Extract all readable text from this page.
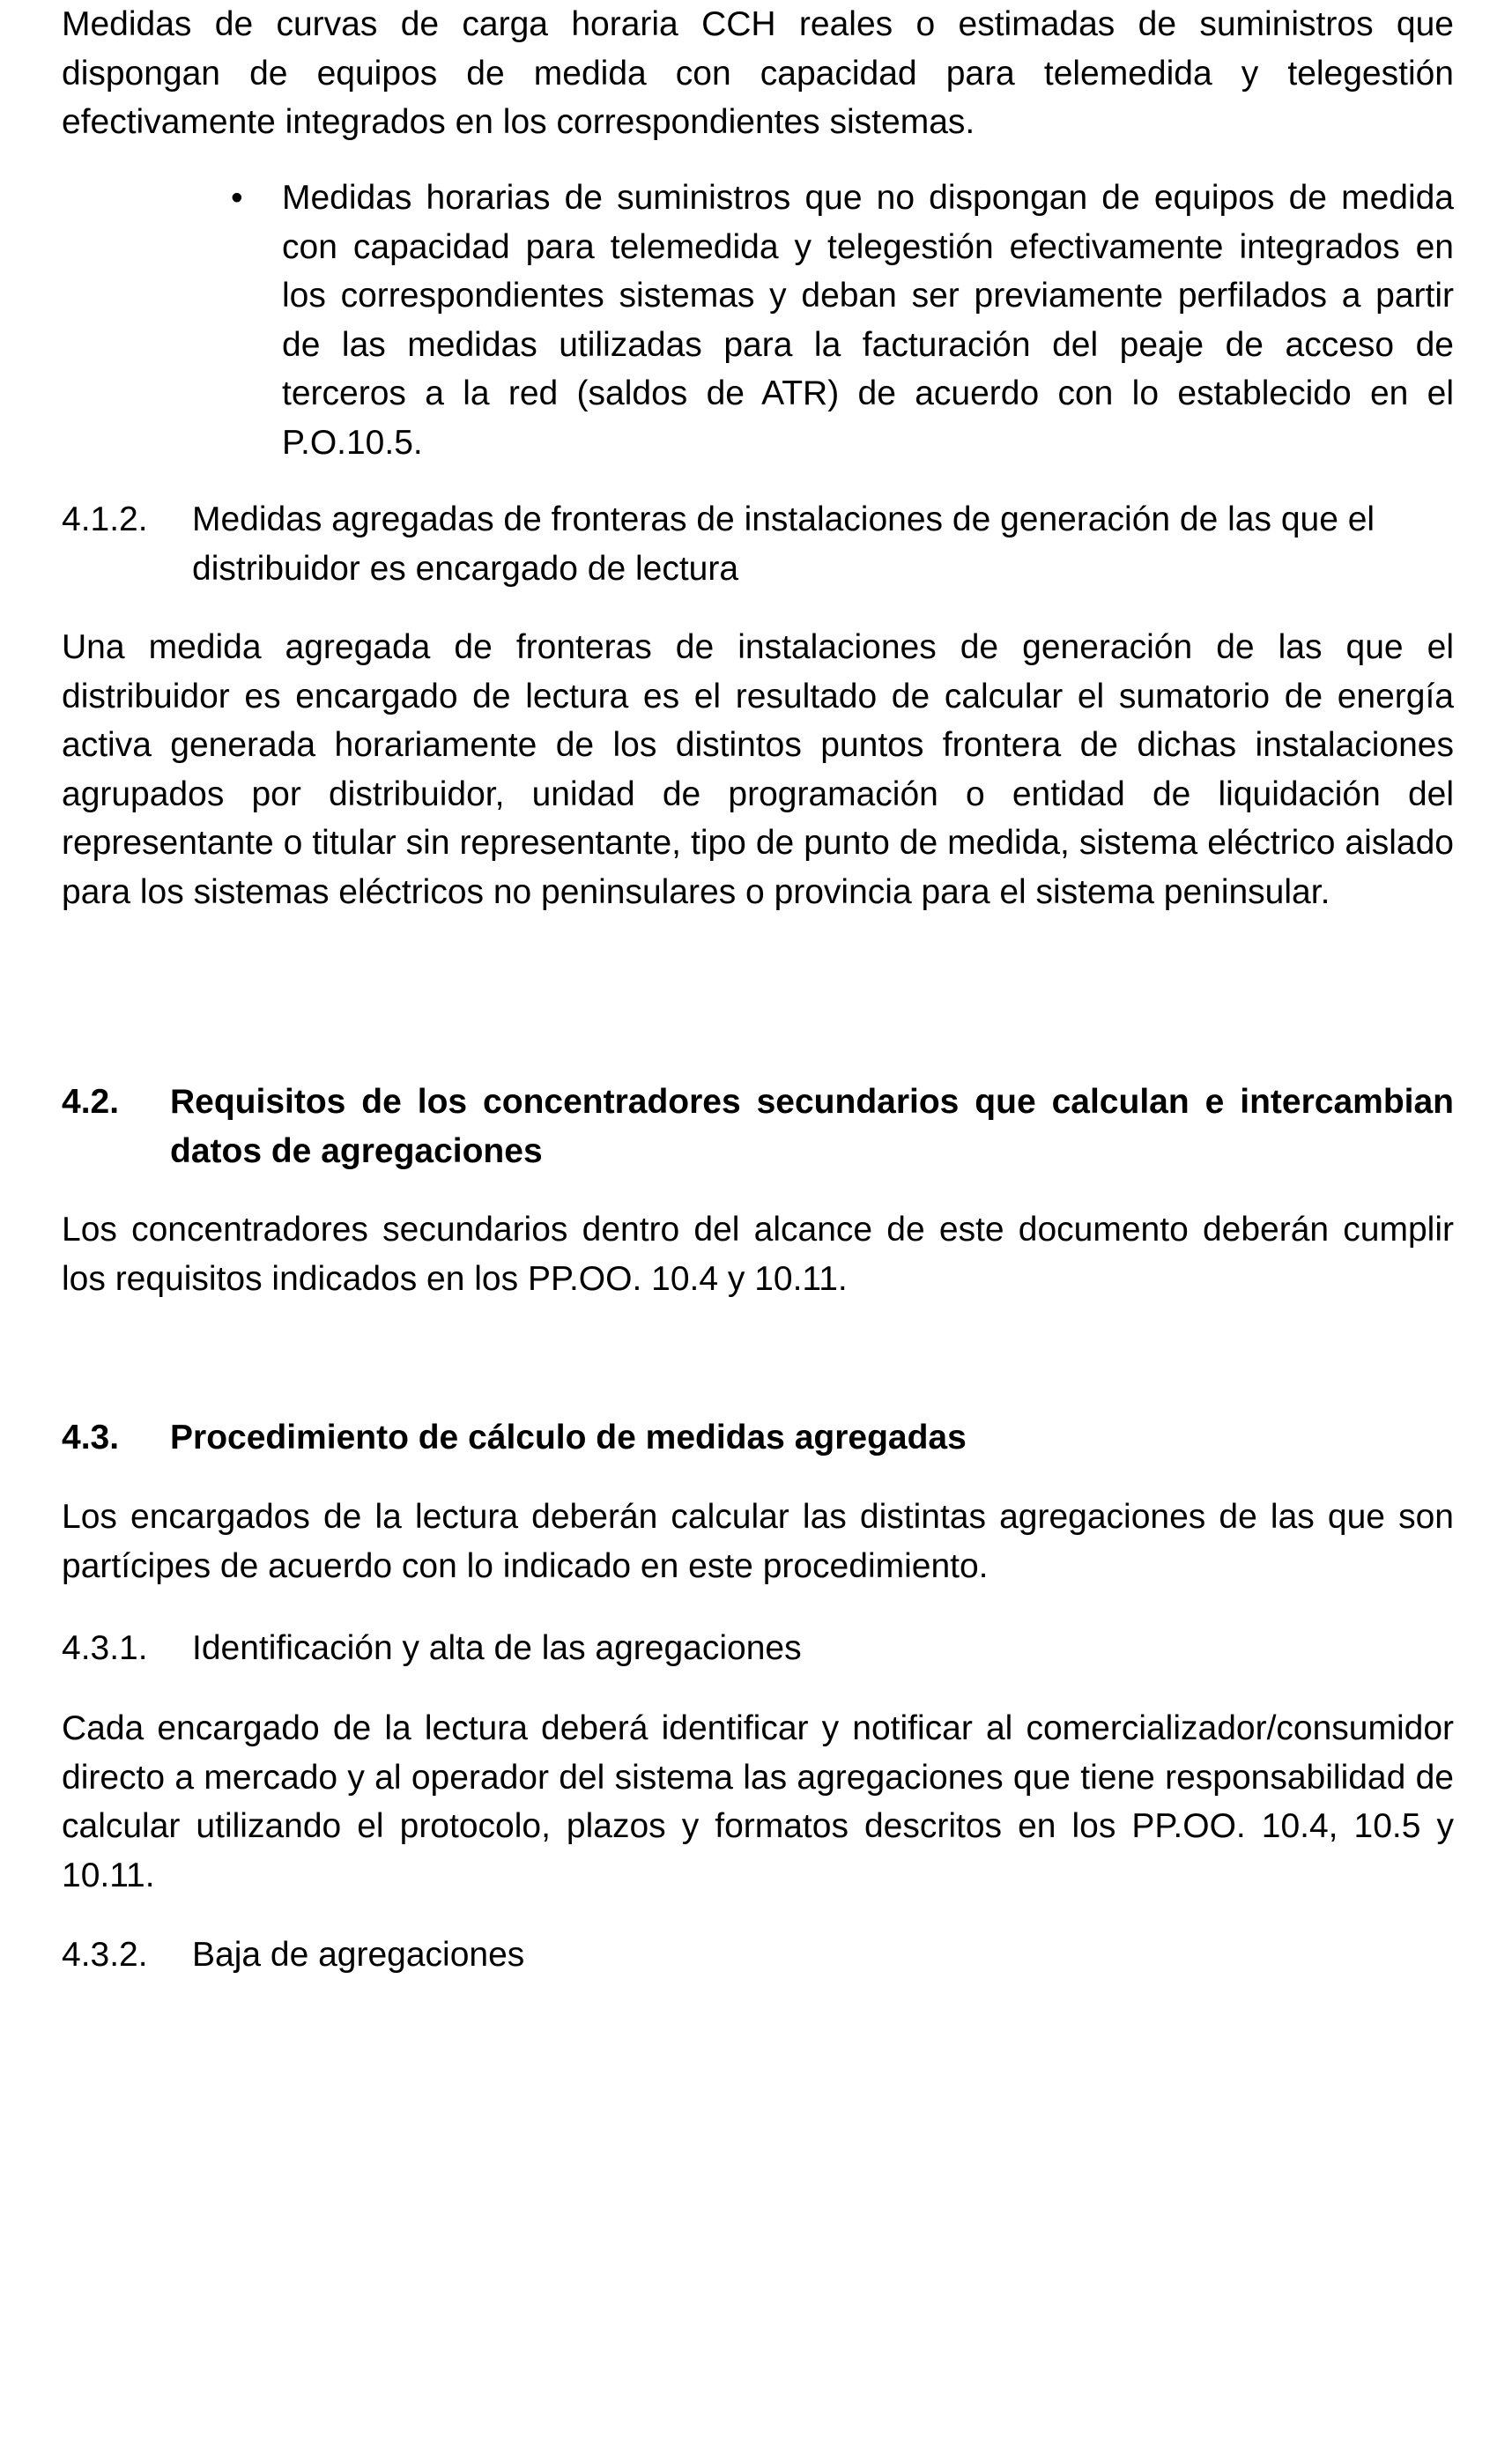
Medidas de curvas de carga horaria CCH reales o estimadas de suministros que dispongan de equipos de medida con capacidad para telemedida y telegestión efectivamente integrados en los correspondientes sistemas.

• Medidas horarias de suministros que no dispongan de equipos de medida con capacidad para telemedida y telegestión efectivamente integrados en los correspondientes sistemas y deban ser previamente perfilados a partir de las medidas utilizadas para la facturación del peaje de acceso de terceros a la red (saldos de ATR) de acuerdo con lo establecido en el P.O.10.5.

4.1.2.	Medidas agregadas de fronteras de instalaciones de generación de las que el distribuidor es encargado de lectura

Una medida agregada de fronteras de instalaciones de generación de las que el distribuidor es encargado de lectura es el resultado de calcular el sumatorio de energía activa generada horariamente de los distintos puntos frontera de dichas instalaciones agrupados por distribuidor, unidad de programación o entidad de liquidación del representante o titular sin representante, tipo de punto de medida, sistema eléctrico aislado para los sistemas eléctricos no peninsulares o provincia para el sistema peninsular.

4.2.	Requisitos de los concentradores secundarios que calculan e intercambian datos de agregaciones

Los concentradores secundarios dentro del alcance de este documento deberán cumplir los requisitos indicados en los PP.OO. 10.4 y 10.11.

4.3.	Procedimiento de cálculo de medidas agregadas

Los encargados de la lectura deberán calcular las distintas agregaciones de las que son partícipes de acuerdo con lo indicado en este procedimiento.

4.3.1.	Identificación y alta de las agregaciones

Cada encargado de la lectura deberá identificar y notificar al comercializador/consumidor directo a mercado y al operador del sistema las agregaciones que tiene responsabilidad de calcular utilizando el protocolo, plazos y formatos descritos en los PP.OO. 10.4, 10.5 y 10.11.

4.3.2.	Baja de agregaciones
